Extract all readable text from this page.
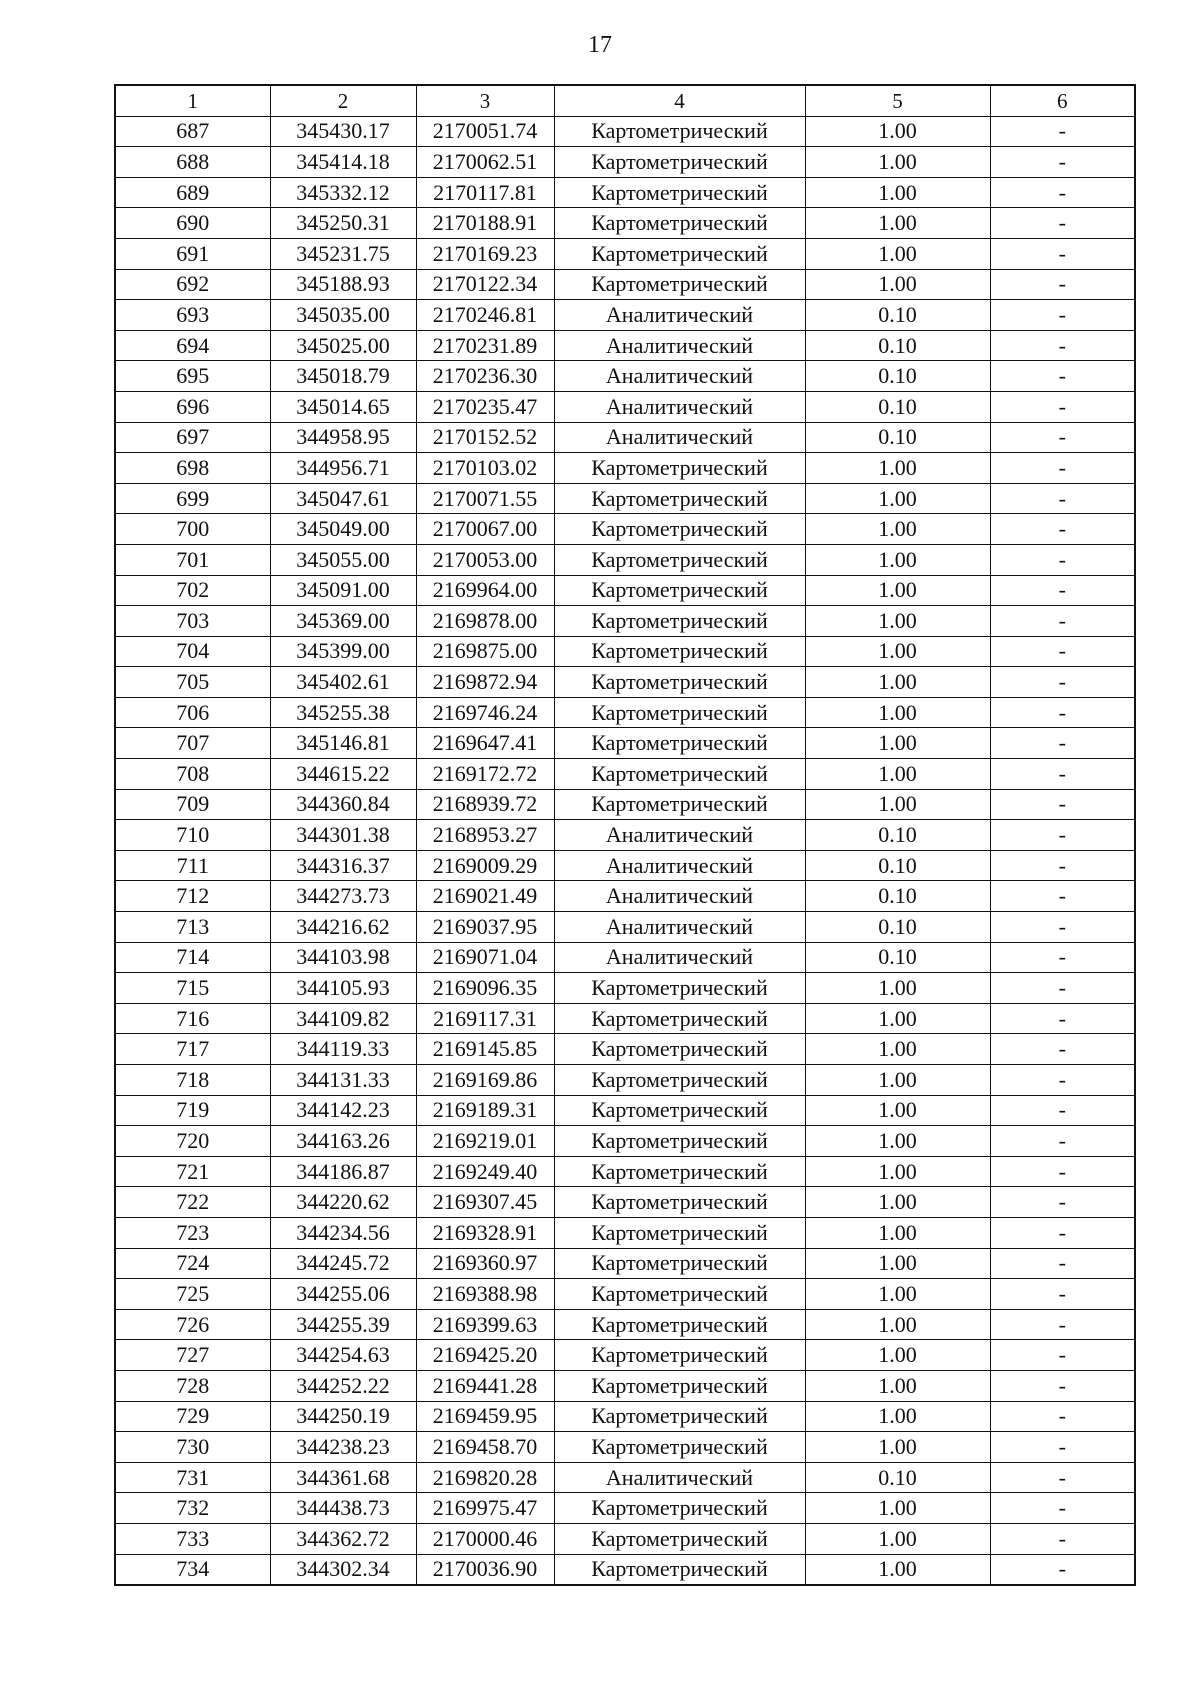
17
1	2	3	4	5	6
687	345430.17	2170051.74	Картометрический	1.00	-
688	345414.18	2170062.51	Картометрический	1.00	-
689	345332.12	2170117.81	Картометрический	1.00	-
690	345250.31	2170188.91	Картометрический	1.00	-
691	345231.75	2170169.23	Картометрический	1.00	-
692	345188.93	2170122.34	Картометрический	1.00	-
693	345035.00	2170246.81	Аналитический	0.10	-
694	345025.00	2170231.89	Аналитический	0.10	-
695	345018.79	2170236.30	Аналитический	0.10	-
696	345014.65	2170235.47	Аналитический	0.10	-
697	344958.95	2170152.52	Аналитический	0.10	-
698	344956.71	2170103.02	Картометрический	1.00	-
699	345047.61	2170071.55	Картометрический	1.00	-
700	345049.00	2170067.00	Картометрический	1.00	-
701	345055.00	2170053.00	Картометрический	1.00	-
702	345091.00	2169964.00	Картометрический	1.00	-
703	345369.00	2169878.00	Картометрический	1.00	-
704	345399.00	2169875.00	Картометрический	1.00	-
705	345402.61	2169872.94	Картометрический	1.00	-
706	345255.38	2169746.24	Картометрический	1.00	-
707	345146.81	2169647.41	Картометрический	1.00	-
708	344615.22	2169172.72	Картометрический	1.00	-
709	344360.84	2168939.72	Картометрический	1.00	-
710	344301.38	2168953.27	Аналитический	0.10	-
711	344316.37	2169009.29	Аналитический	0.10	-
712	344273.73	2169021.49	Аналитический	0.10	-
713	344216.62	2169037.95	Аналитический	0.10	-
714	344103.98	2169071.04	Аналитический	0.10	-
715	344105.93	2169096.35	Картометрический	1.00	-
716	344109.82	2169117.31	Картометрический	1.00	-
717	344119.33	2169145.85	Картометрический	1.00	-
718	344131.33	2169169.86	Картометрический	1.00	-
719	344142.23	2169189.31	Картометрический	1.00	-
720	344163.26	2169219.01	Картометрический	1.00	-
721	344186.87	2169249.40	Картометрический	1.00	-
722	344220.62	2169307.45	Картометрический	1.00	-
723	344234.56	2169328.91	Картометрический	1.00	-
724	344245.72	2169360.97	Картометрический	1.00	-
725	344255.06	2169388.98	Картометрический	1.00	-
726	344255.39	2169399.63	Картометрический	1.00	-
727	344254.63	2169425.20	Картометрический	1.00	-
728	344252.22	2169441.28	Картометрический	1.00	-
729	344250.19	2169459.95	Картометрический	1.00	-
730	344238.23	2169458.70	Картометрический	1.00	-
731	344361.68	2169820.28	Аналитический	0.10	-
732	344438.73	2169975.47	Картометрический	1.00	-
733	344362.72	2170000.46	Картометрический	1.00	-
734	344302.34	2170036.90	Картометрический	1.00	-
